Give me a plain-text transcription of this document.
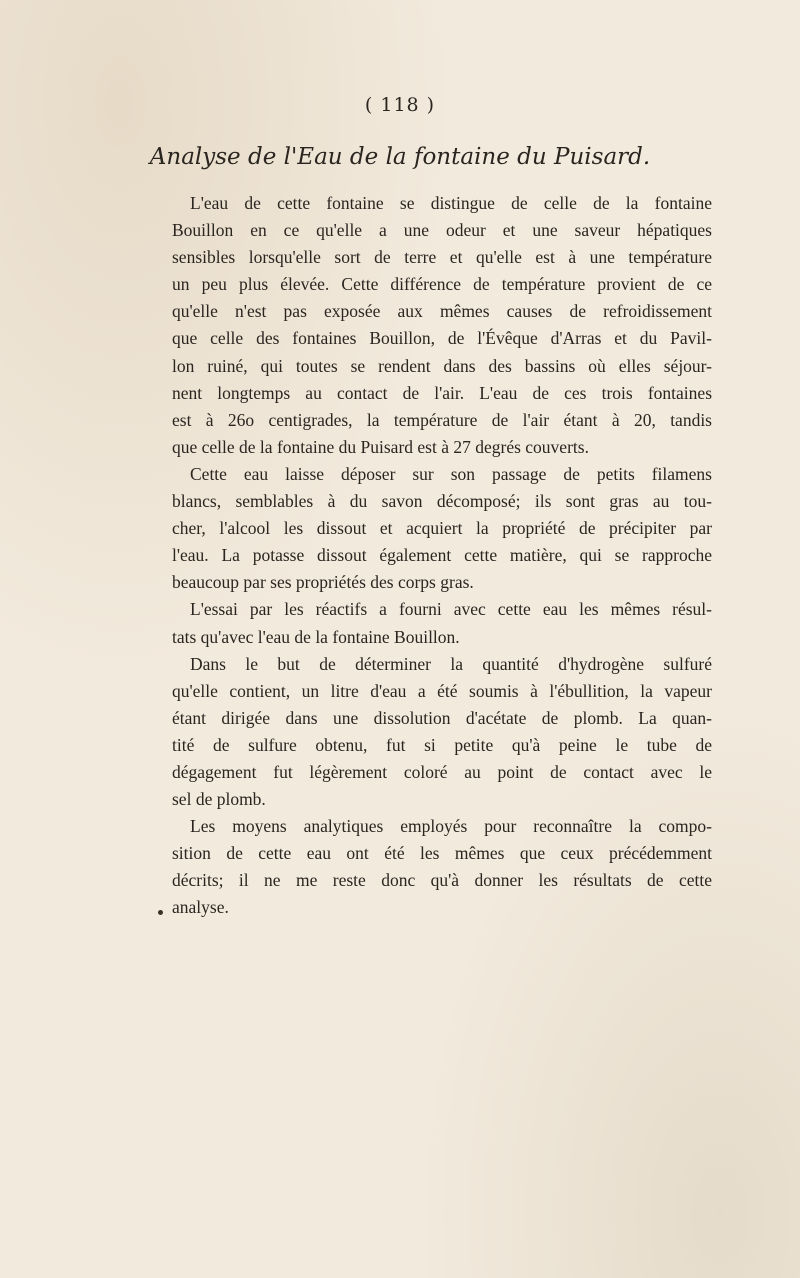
( 118 )
Analyse de l'Eau de la fontaine du Puisard.
L'eau de cette fontaine se distingue de celle de la fontaine
Bouillon en ce qu'elle a une odeur et une saveur hépatiques
sensibles lorsqu'elle sort de terre et qu'elle est à une température
un peu plus élevée. Cette différence de température provient de ce
qu'elle n'est pas exposée aux mêmes causes de refroidissement
que celle des fontaines Bouillon, de l'Évêque d'Arras et du Pavil-
lon ruiné, qui toutes se rendent dans des bassins où elles séjour-
nent longtemps au contact de l'air. L'eau de ces trois fontaines
est à 26o centigrades, la température de l'air étant à 20, tandis
que celle de la fontaine du Puisard est à 27 degrés couverts.
Cette eau laisse déposer sur son passage de petits filamens
blancs, semblables à du savon décomposé; ils sont gras au tou-
cher, l'alcool les dissout et acquiert la propriété de précipiter par
l'eau. La potasse dissout également cette matière, qui se rapproche
beaucoup par ses propriétés des corps gras.
L'essai par les réactifs a fourni avec cette eau les mêmes résul-
tats qu'avec l'eau de la fontaine Bouillon.
Dans le but de déterminer la quantité d'hydrogène sulfuré
qu'elle contient, un litre d'eau a été soumis à l'ébullition, la vapeur
étant dirigée dans une dissolution d'acétate de plomb. La quan-
tité de sulfure obtenu, fut si petite qu'à peine le tube de
dégagement fut légèrement coloré au point de contact avec le
sel de plomb.
Les moyens analytiques employés pour reconnaître la compo-
sition de cette eau ont été les mêmes que ceux précédemment
décrits; il ne me reste donc qu'à donner les résultats de cette
analyse.
